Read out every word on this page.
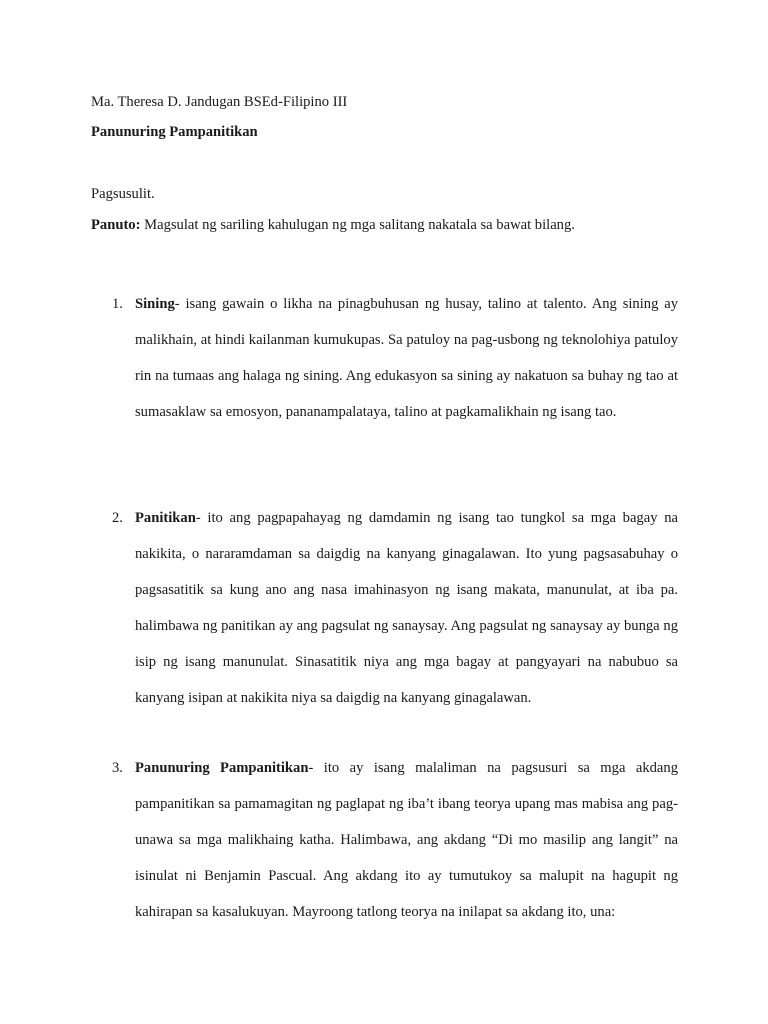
Ma. Theresa D. Jandugan BSEd-Filipino III
Panunuring Pampanitikan
Pagsusulit.
Panuto: Magsulat ng sariling kahulugan ng mga salitang nakatala sa bawat bilang.
1. Sining- isang gawain o likha na pinagbuhusan ng husay, talino at talento. Ang sining ay malikhain, at hindi kailanman kumukupas. Sa patuloy na pag-usbong ng teknolohiya patuloy rin na tumaas ang halaga ng sining. Ang edukasyon sa sining ay nakatuon sa buhay ng tao at sumasaklaw sa emosyon, pananampalataya, talino at pagkamalikhain ng isang tao.
2. Panitikan- ito ang pagpapahayag ng damdamin ng isang tao tungkol sa mga bagay na nakikita, o nararamdaman sa daigdig na kanyang ginagalawan. Ito yung pagsasabuhay o pagsasatitik sa kung ano ang nasa imahinasyon ng isang makata, manunulat, at iba pa. halimbawa ng panitikan ay ang pagsulat ng sanaysay. Ang pagsulat ng sanaysay ay bunga ng isip ng isang manunulat. Sinasatitik niya ang mga bagay at pangyayari na nabubuo sa kanyang isipan at nakikita niya sa daigdig na kanyang ginagalawan.
3. Panunuring Pampanitikan- ito ay isang malaliman na pagsusuri sa mga akdang pampanitikan sa pamamagitan ng paglapat ng iba’t ibang teorya upang mas mabisa ang pag-unawa sa mga malikhaing katha. Halimbawa, ang akdang “Di mo masilip ang langit” na isinulat ni Benjamin Pascual. Ang akdang ito ay tumutukoy sa malupit na hagupit ng kahirapan sa kasalukuyan. Mayroong tatlong teorya na inilapat sa akdang ito, una:
